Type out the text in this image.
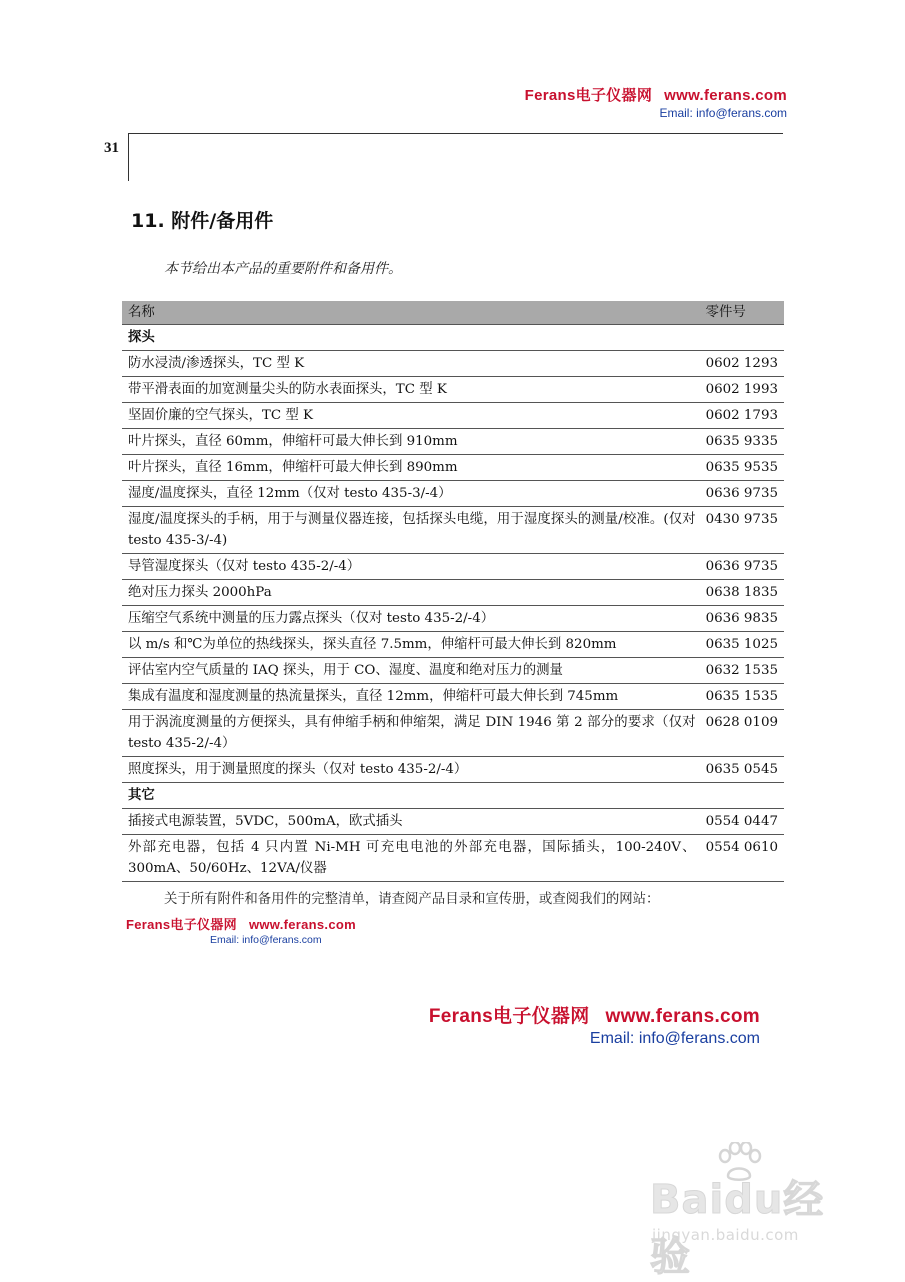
Ferans电子仪器网 www.ferans.com
Email: info@ferans.com
31
11. 附件/备用件
本节给出本产品的重要附件和备用件。
名称	零件号
探头	
防水浸渍/渗透探头，TC 型 K	0602 1293
带平滑表面的加宽测量尖头的防水表面探头，TC 型 K	0602 1993
坚固价廉的空气探头，TC 型 K	0602 1793
叶片探头，直径 60mm，伸缩杆可最大伸长到 910mm	0635 9335
叶片探头，直径 16mm，伸缩杆可最大伸长到 890mm	0635 9535
湿度/温度探头，直径 12mm（仅对 testo 435-3/-4）	0636 9735
湿度/温度探头的手柄，用于与测量仪器连接，包括探头电缆，用于湿度探头的测量/校准。(仅对 testo 435-3/-4)	0430 9735
导管湿度探头（仅对 testo 435-2/-4）	0636 9735
绝对压力探头 2000hPa	0638 1835
压缩空气系统中测量的压力露点探头（仅对 testo 435-2/-4）	0636 9835
以 m/s 和℃为单位的热线探头，探头直径 7.5mm，伸缩杆可最大伸长到 820mm	0635 1025
评估室内空气质量的 IAQ 探头，用于 CO、湿度、温度和绝对压力的测量	0632 1535
集成有温度和湿度测量的热流量探头，直径 12mm，伸缩杆可最大伸长到 745mm	0635 1535
用于涡流度测量的方便探头，具有伸缩手柄和伸缩架，满足 DIN 1946 第 2 部分的要求（仅对 testo 435-2/-4）	0628 0109
照度探头，用于测量照度的探头（仅对 testo 435-2/-4）	0635 0545
其它	
插接式电源装置，5VDC，500mA，欧式插头	0554 0447
外部充电器，包括 4 只内置 Ni-MH 可充电电池的外部充电器，国际插头，100-240V、300mA、50/60Hz、12VA/仪器	0554 0610
关于所有附件和备用件的完整清单，请查阅产品目录和宣传册，或查阅我们的网站：
Ferans电子仪器网 www.ferans.com
Email: info@ferans.com
Ferans电子仪器网 www.ferans.com
Email: info@ferans.com
Baidu经验
jingyan.baidu.com
